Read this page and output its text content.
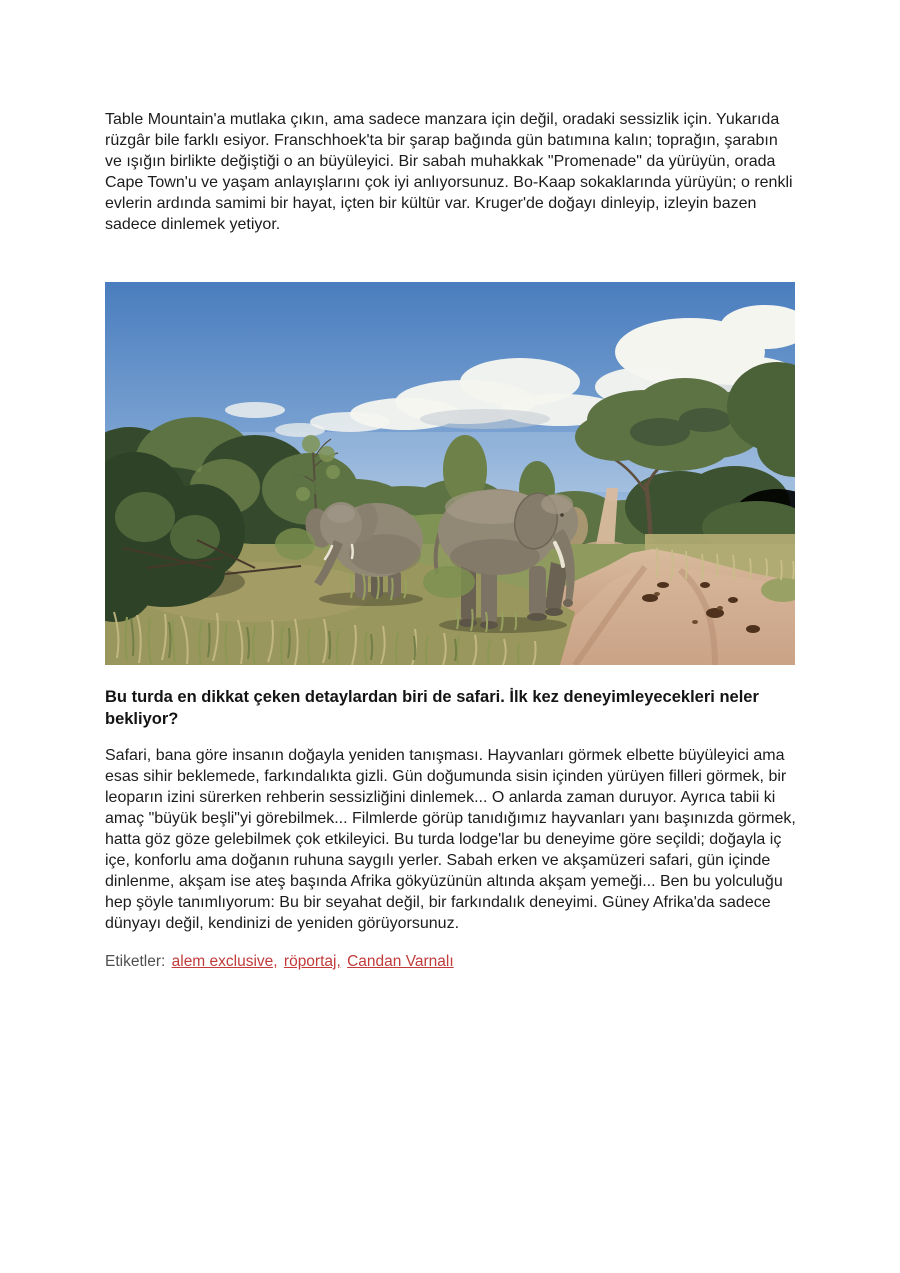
Table Mountain'a mutlaka çıkın, ama sadece manzara için değil, oradaki sessizlik için. Yukarıda rüzgâr bile farklı esiyor. Franschhoek'ta bir şarap bağında gün batımına kalın; toprağın, şarabın ve ışığın birlikte değiştiği o an büyüleyici. Bir sabah muhakkak "Promenade" da yürüyün, orada Cape Town'u ve yaşam anlayışlarını çok iyi anlıyorsunuz. Bo-Kaap sokaklarında yürüyün; o renkli evlerin ardında samimi bir hayat, içten bir kültür var. Kruger'de doğayı dinleyip, izleyin bazen sadece dinlemek yetiyor.

Bu turda en dikkat çeken detaylardan biri de safari. İlk kez deneyimleyecekleri neler bekliyor?

Safari, bana göre insanın doğayla yeniden tanışması. Hayvanları görmek elbette büyüleyici ama esas sihir beklemede, farkındalıkta gizli. Gün doğumunda sisin içinden yürüyen filleri görmek, bir leoparın izini sürerken rehberin sessizliğini dinlemek... O anlarda zaman duruyor. Ayrıca tabii ki amaç "büyük beşli"yi görebilmek... Filmlerde görüp tanıdığımız hayvanları yanı başınızda görmek, hatta göz göze gelebilmek çok etkileyici. Bu turda lodge'lar bu deneyime göre seçildi; doğayla iç içe, konforlu ama doğanın ruhuna saygılı yerler. Sabah erken ve akşamüzeri safari, gün içinde dinlenme, akşam ise ateş başında Afrika gökyüzünün altında akşam yemeği... Ben bu yolculuğu hep şöyle tanımlıyorum: Bu bir seyahat değil, bir farkındalık deneyimi. Güney Afrika'da sadece dünyayı değil, kendinizi de yeniden görüyorsunuz.

Etiketler: alem exclusive, röportaj, Candan Varnalı
